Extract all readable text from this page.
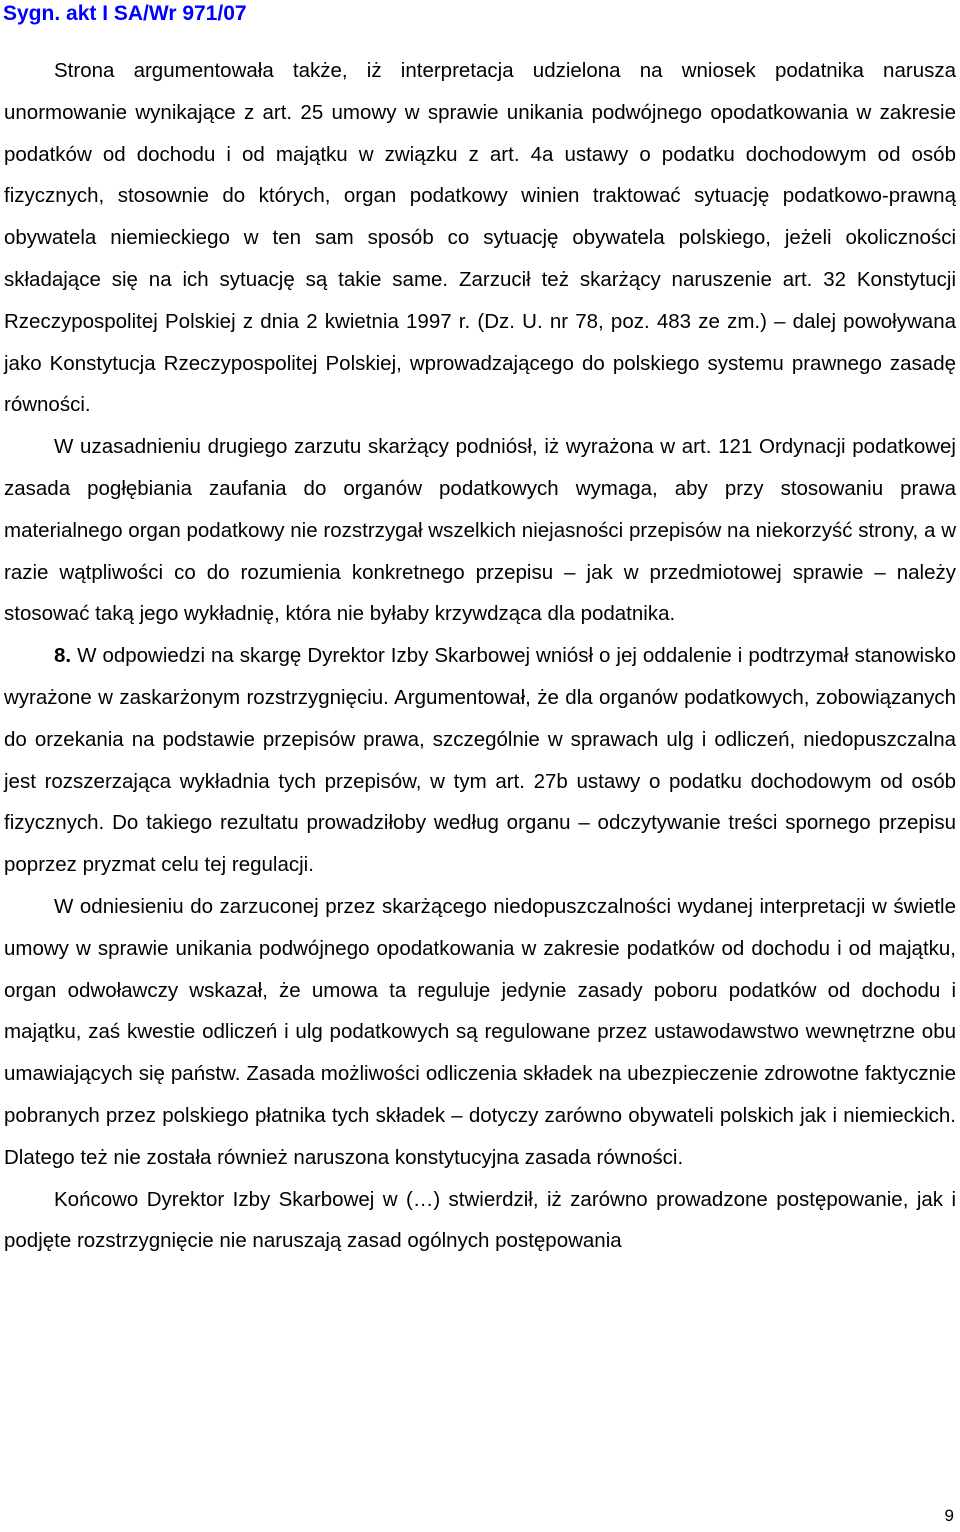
Sygn. akt I SA/Wr 971/07

Strona argumentowała także, iż interpretacja udzielona na wniosek podatnika narusza unormowanie wynikające z art. 25 umowy w sprawie unikania podwójnego opodatkowania w zakresie podatków od dochodu i od majątku w związku z art. 4a ustawy o podatku dochodowym od osób fizycznych, stosownie do których, organ podatkowy winien traktować sytuację podatkowo-prawną obywatela niemieckiego w ten sam sposób co sytuację obywatela polskiego, jeżeli okoliczności składające się na ich sytuację są takie same. Zarzucił też skarżący naruszenie art. 32 Konstytucji Rzeczypospolitej Polskiej z dnia 2 kwietnia 1997 r. (Dz. U. nr 78, poz. 483 ze zm.) – dalej powoływana jako Konstytucja Rzeczypospolitej Polskiej, wprowadzającego do polskiego systemu prawnego zasadę równości.

W uzasadnieniu drugiego zarzutu skarżący podniósł, iż wyrażona w art. 121 Ordynacji podatkowej zasada pogłębiania zaufania do organów podatkowych wymaga, aby przy stosowaniu prawa materialnego organ podatkowy nie rozstrzygał wszelkich niejasności przepisów na niekorzyść strony, a w razie wątpliwości co do rozumienia konkretnego przepisu – jak w przedmiotowej sprawie – należy stosować taką jego wykładnię, która nie byłaby krzywdząca dla podatnika.

8. W odpowiedzi na skargę Dyrektor Izby Skarbowej wniósł o jej oddalenie i podtrzymał stanowisko wyrażone w zaskarżonym rozstrzygnięciu. Argumentował, że dla organów podatkowych, zobowiązanych do orzekania na podstawie przepisów prawa, szczególnie w sprawach ulg i odliczeń, niedopuszczalna jest rozszerzająca wykładnia tych przepisów, w tym art. 27b ustawy o podatku dochodowym od osób fizycznych. Do takiego rezultatu prowadziłoby według organu – odczytywanie treści spornego przepisu poprzez pryzmat celu tej regulacji.

W odniesieniu do zarzuconej przez skarżącego niedopuszczalności wydanej interpretacji w świetle umowy w sprawie unikania podwójnego opodatkowania w zakresie podatków od dochodu i od majątku, organ odwoławczy wskazał, że umowa ta reguluje jedynie zasady poboru podatków od dochodu i majątku, zaś kwestie odliczeń i ulg podatkowych są regulowane przez ustawodawstwo wewnętrzne obu umawiających się państw. Zasada możliwości odliczenia składek na ubezpieczenie zdrowotne faktycznie pobranych przez polskiego płatnika tych składek – dotyczy zarówno obywateli polskich jak i niemieckich. Dlatego też nie została również naruszona konstytucyjna zasada równości.

Końcowo Dyrektor Izby Skarbowej w (…) stwierdził, iż zarówno prowadzone postępowanie, jak i podjęte rozstrzygnięcie nie naruszają zasad ogólnych postępowania

9
